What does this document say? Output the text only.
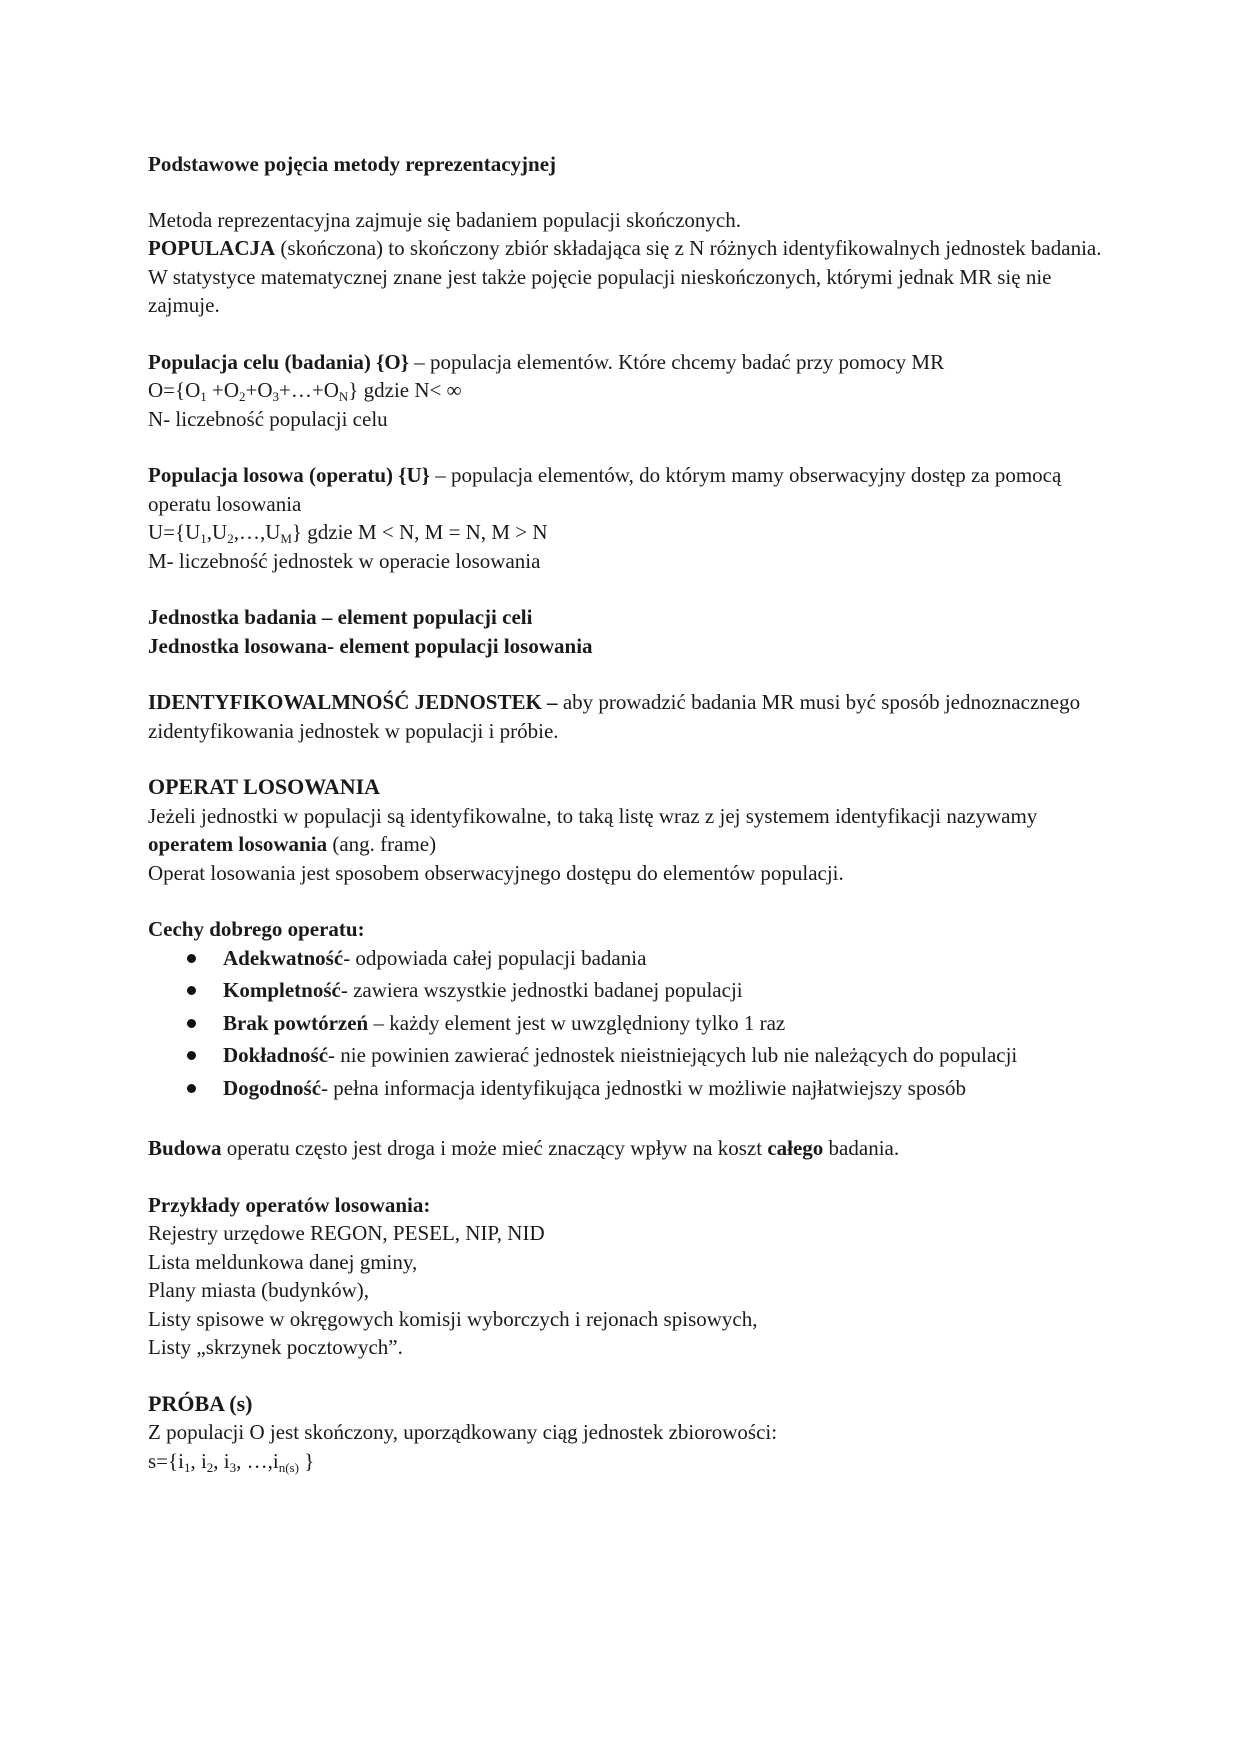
Podstawowe pojęcia metody reprezentacyjnej

Metoda reprezentacyjna zajmuje się badaniem populacji skończonych.

POPULACJA (skończona) to skończony zbiór składająca się z N różnych identyfikowalnych jednostek badania.

W statystyce matematycznej znane jest także pojęcie populacji nieskończonych, którymi jednak MR się nie zajmuje.

Populacja celu (badania) {O} – populacja elementów. Które chcemy badać przy pomocy MR

$O=\{O_1$ $+O_2+O_3+\dots+O_N$} gdzie N< ∞

N- liczebność populacji celu

Populacja losowa (operatu) {U} – populacja elementów, do którym mamy obserwacyjny dostęp za pomocą operatu losowania

$U=\{U_1,U_2,\dots,U_M\}$ gdzie M < N, M = N, M > N

M- liczebność jednostek w operacie losowania

Jednostka badania – element populacji celi

Jednostka losowana- element populacji losowania

IDENTYFIKOWALMNOŚĆ JEDNOSTEK – aby prowadzić badania MR musi być sposób jednoznacznego zidentyfikowania jednostek w populacji i próbie.

OPERAT LOSOWANIA

Jeżeli jednostki w populacji są identyfikowalne, to taką listę wraz z jej systemem identyfikacji nazywamy operatem losowania (ang. frame)

Operat losowania jest sposobem obserwacyjnego dostępu do elementów populacji.

Cechy dobrego operatu:

Adekwatność- odpowiada całej populacji badania
Kompletność- zawiera wszystkie jednostki badanej populacji
Brak powtórzeń – każdy element jest w uwzględniony tylko 1 raz
Dokładność- nie powinien zawierać jednostek nieistniejących lub nie należących do populacji
Dogodność- pełna informacja identyfikująca jednostki w możliwie najłatwiejszy sposób

Budowa operatu często jest droga i może mieć znaczący wpływ na koszt całego badania.

Przykłady operatów losowania:

Rejestry urzędowe REGON, PESEL, NIP, NID

Lista meldunkowa danej gminy,

Plany miasta (budynków),

Listy spisowe w okręgowych komisji wyborczych i rejonach spisowych,

Listy „skrzynek pocztowych”.

PRÓBA (s)

Z populacji O jest skończony, uporządkowany ciąg jednostek zbiorowości:

$s=\{i_1$, $i_2$, $i_3$, $\dots,i_{n(s)}$ }
